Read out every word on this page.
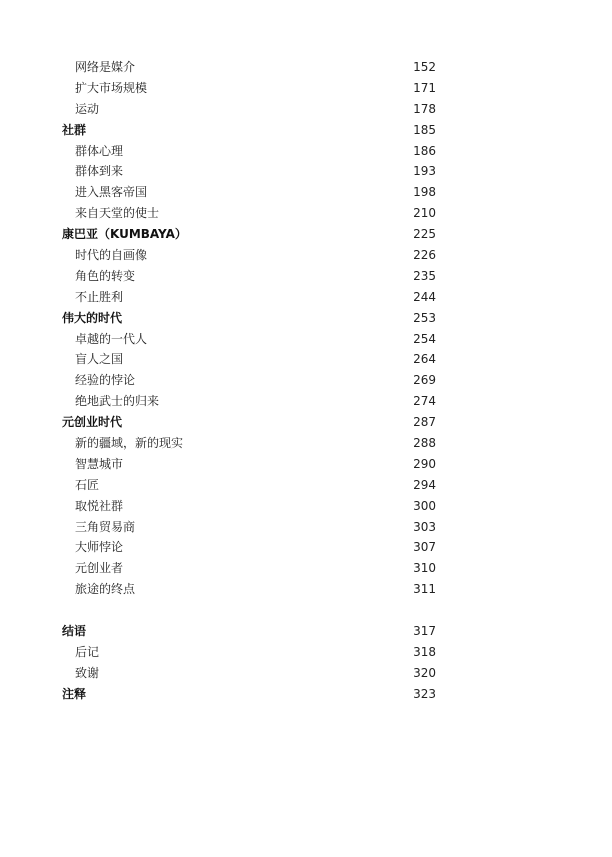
网络是媒介	152
扩大市场规模	171
运动	178
社群	185
群体心理	186
群体到来	193
进入黑客帝国	198
来自天堂的使士	210
康巴亚（KUMBAYA）	225
时代的自画像	226
角色的转变	235
不止胜利	244
伟大的时代	253
卓越的一代人	254
盲人之国	264
经验的悖论	269
绝地武士的归来	274
元创业时代	287
新的疆域，新的现实	288
智慧城市	290
石匠	294
取悦社群	300
三角贸易商	303
大师悖论	307
元创业者	310
旅途的终点	311
结语	317
后记	318
致谢	320
注释	323
